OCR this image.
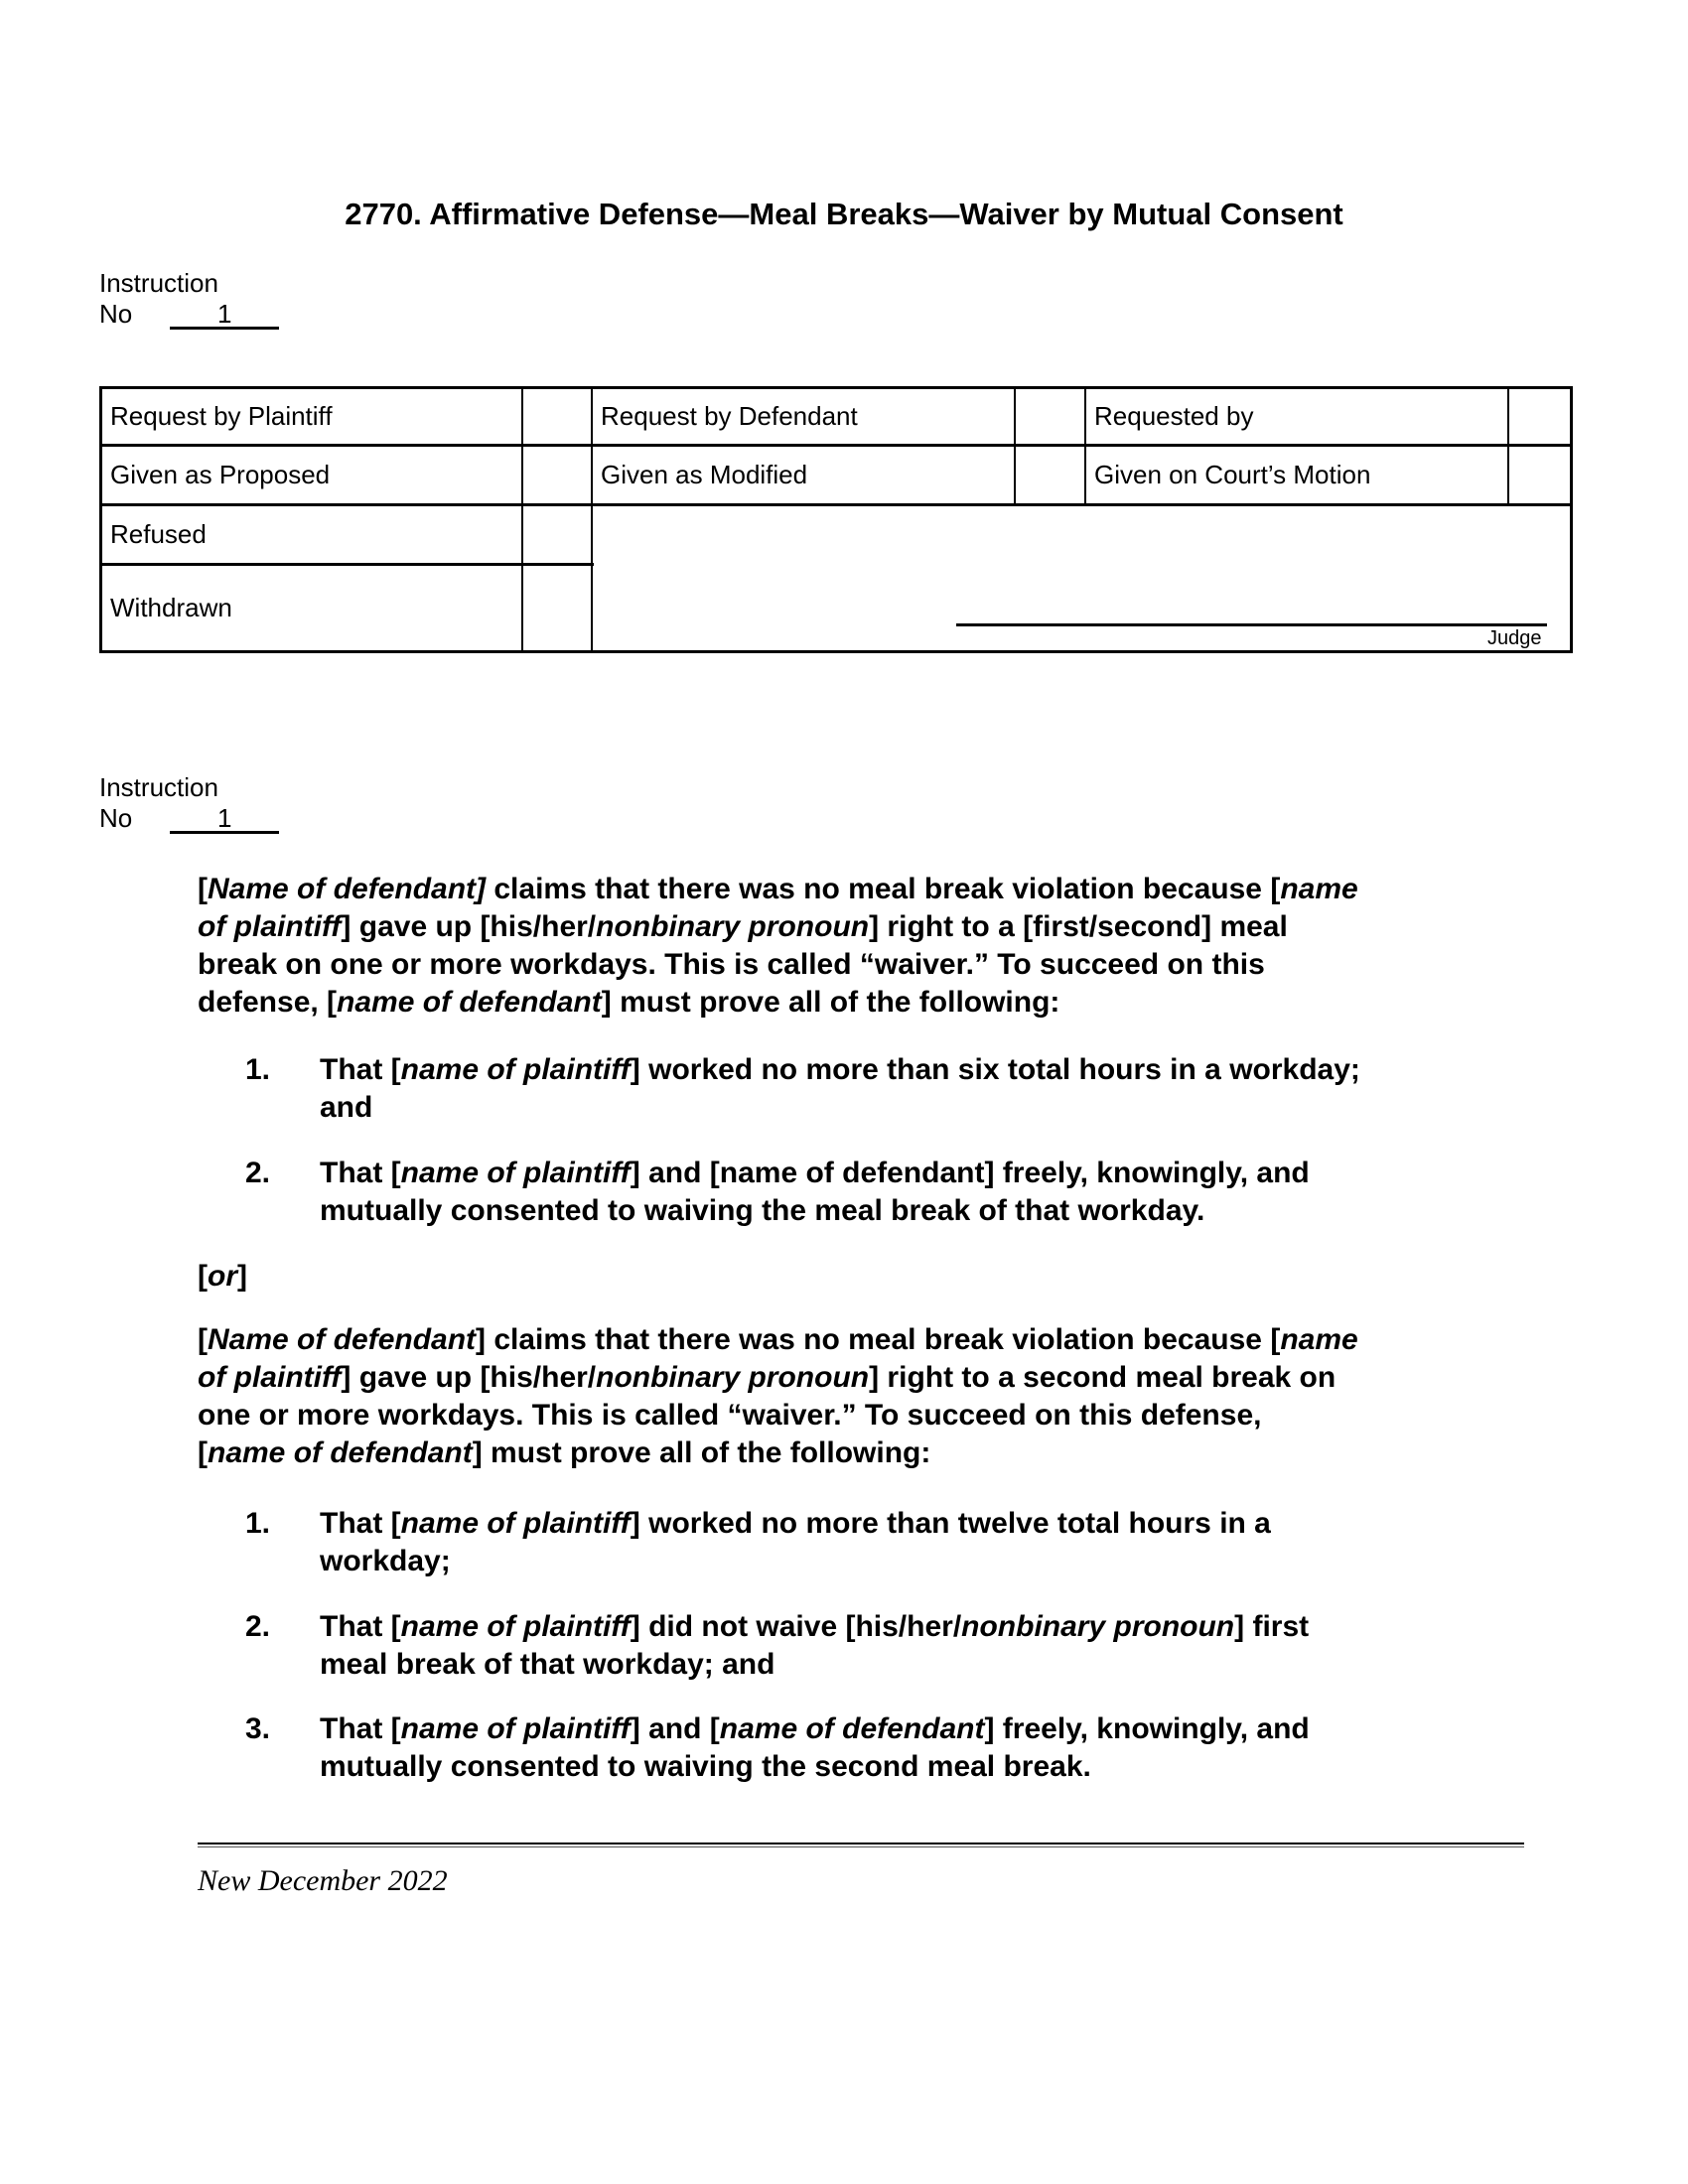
2770. Affirmative Defense—Meal Breaks—Waiver by Mutual Consent
Instruction
No	1
Request by Plaintiff	Request by Defendant	Requested by
Given as Proposed	Given as Modified	Given on Court’s Motion
Refused
Withdrawn
Judge
Instruction
No	1
[Name of defendant] claims that there was no meal break violation because [name
of plaintiff] gave up [his/her/nonbinary pronoun] right to a [first/second] meal
break on one or more workdays. This is called “waiver.” To succeed on this
defense, [name of defendant] must prove all of the following:
1. That [name of plaintiff] worked no more than six total hours in a workday;
and
2. That [name of plaintiff] and [name of defendant] freely, knowingly, and
mutually consented to waiving the meal break of that workday.
[or]
[Name of defendant] claims that there was no meal break violation because [name
of plaintiff] gave up [his/her/nonbinary pronoun] right to a second meal break on
one or more workdays. This is called “waiver.” To succeed on this defense,
[name of defendant] must prove all of the following:
1. That [name of plaintiff] worked no more than twelve total hours in a
workday;
2. That [name of plaintiff] did not waive [his/her/nonbinary pronoun] first
meal break of that workday; and
3. That [name of plaintiff] and [name of defendant] freely, knowingly, and
mutually consented to waiving the second meal break.
New December 2022
